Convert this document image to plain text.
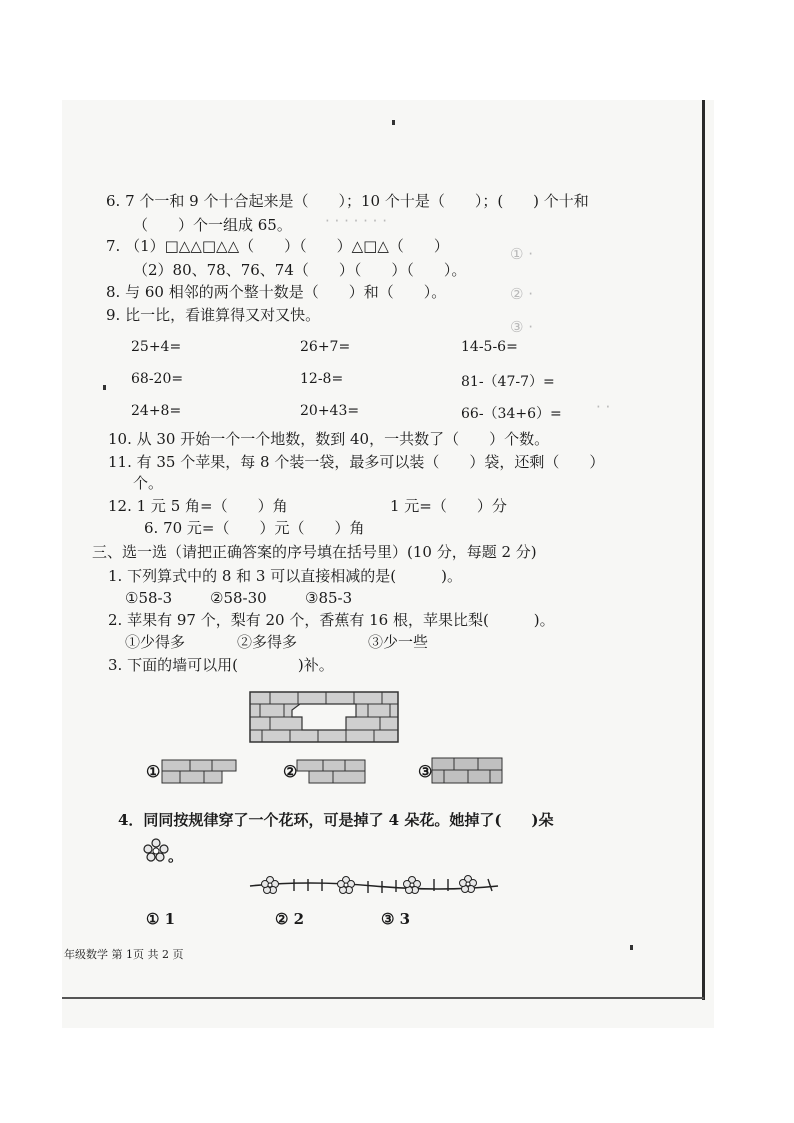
· · · · · · ·
① ·
② ·
③ ·
· ·
6. 7 个一和 9 个十合起来是（　　）；10 个十是（　　）；(　　) 个十和
（　　）个一组成 65。
7. （1）□△△□△△（　　）（　　）△□△（　　）
（2）80、78、76、74（　　）（　　）（　　）。
8. 与 60 相邻的两个整十数是（　　）和（　　）。
9. 比一比，看谁算得又对又快。
25+4=	26+7=	14-5-6=
68-20=	12-8=	81-（47-7）=
24+8=	20+43=	66-（34+6）=
10. 从 30 开始一个一个地数，数到 40，一共数了（　　）个数。
11. 有 35 个苹果，每 8 个装一袋，最多可以装（　　）袋，还剩（　　）
个。
12. 1 元 5 角=（　　）角	1 元=（　　）分
6. 70 元=（　　）元（　　）角
三、选一选（请把正确答案的序号填在括号里）(10 分，每题 2 分)
1. 下列算式中的 8 和 3 可以直接相减的是(　　　)。
①58-3	②58-30	③85-3
2. 苹果有 97 个，梨有 20 个，香蕉有 16 根，苹果比梨(　　　)。
①少得多	②多得多	③少一些
3. 下面的墙可以用(　　　　)补。
①	②	③
4．同同按规律穿了一个花环，可是掉了 4 朵花。她掉了(　　)朵
。
① 1	② 2	③ 3
年级数学 第 1页 共 2 页
